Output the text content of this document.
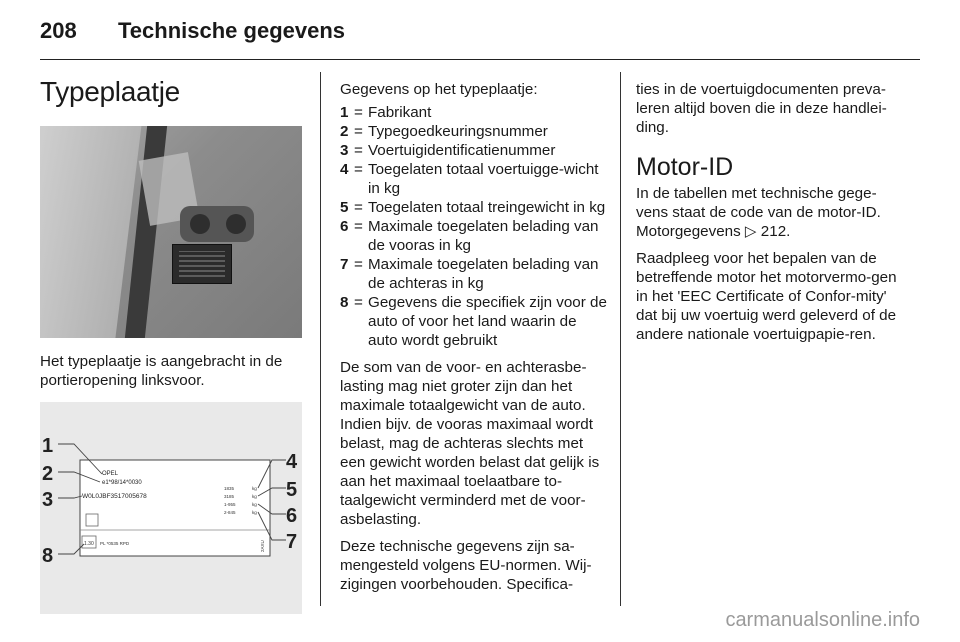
208 Technische gegevens
Typeplaatje

Het typeplaatje is aangebracht in de portieropening linksvoor.

OPEL
e1*98/14*0030
W0L0JBF3517005678
1835
3185
1-955
2-845
kg
kg
kg
kg
1.30 PL *0535 RPD	2AXU
1
2
3
4
5
6
7
8

Gegevens op het typeplaatje:

1 = Fabrikant
2 = Typegoedkeuringsnummer
3 = Voertuigidentificatienummer
4 = Toegelaten totaal voertuigge-wicht in kg
5 = Toegelaten totaal treingewicht in kg
6 = Maximale toegelaten belading van de vooras in kg
7 = Maximale toegelaten belading van de achteras in kg
8 = Gegevens die specifiek zijn voor de auto of voor het land waarin de auto wordt gebruikt

De som van de voor- en achterasbe-lasting mag niet groter zijn dan het maximale totaalgewicht van de auto. Indien bijv. de vooras maximaal wordt belast, mag de achteras slechts met een gewicht worden belast dat gelijk is aan het maximaal toelaatbare to-taalgewicht verminderd met de voor-asbelasting.

Deze technische gegevens zijn sa-mengesteld volgens EU-normen. Wij-zigingen voorbehouden. Specifica-

ties in de voertuigdocumenten preva-leren altijd boven die in deze handlei-ding.

Motor-ID

In de tabellen met technische gege-vens staat de code van de motor-ID. Motorgegevens ▷ 212.

Raadpleeg voor het bepalen van de betreffende motor het motorvermo-gen in het 'EEC Certificate of Confor-mity' dat bij uw voertuig werd geleverd of de andere nationale voertuigpapie-ren.

carmanualsonline.info
